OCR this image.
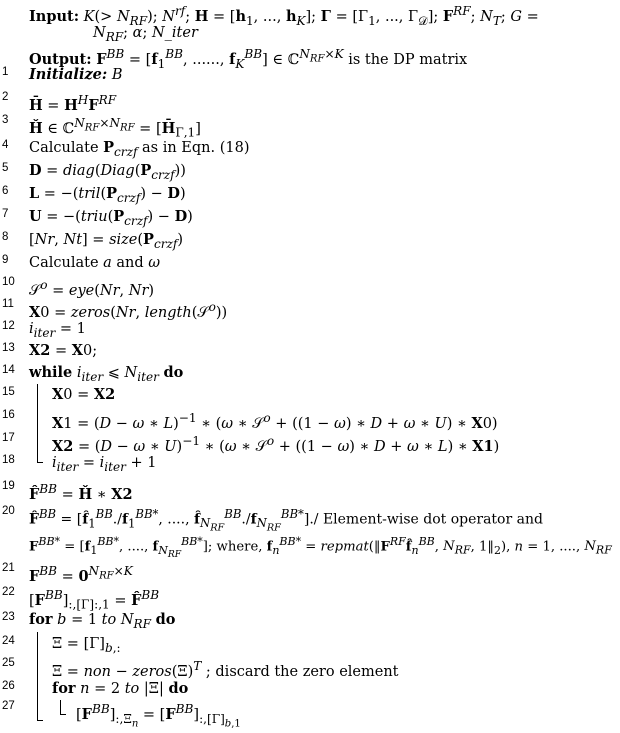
Input: $K(> N_{RF})$; $N^{rf}$; $H = [h_1$, ..., $h_K$]; $\Gamma = [\Gamma_1$, ..., $\Gamma_𝒟$]; $F^{RF}$; $N_T$; G =
$N_{RF}$; α; N_iter
Output: $F^{BB} = [f_1^{BB}$, ......, $f_K^{BB}$] ∈ ℂ$^{N_{RF}\times K}$ is the DP matrix
1	Initialize: B
2	H̄ = $H^HF^{RF}$
3	Ȟ ∈ ℂ$^{N_{RF}\times N_{RF}}$ = $[H̄_{\Gamma,1}]$
4	Calculate $P_{crzf}$ as in Eqn. (18)
5	$D = diag(Diag(P_{crzf}))$
6	$L = -(tril(P_{crzf}) - D)$
7	$U = -(triu(P_{crzf}) - D)$
8	[Nr, $Nt] = size(P_{crzf})$
9	Calculate a and ω
10
𝒮$^o$ = eye(Nr, Nr)
11	X0 = zeros(Nr, length(𝒮$^o$))
12 $i_{iter} = 1$
13 X2 = X0;
14 while $i_{iter}$ ⩽ $N_{iter}$ do
15	X0 = X2
16	X1 = (D − ω ∗ L)$^{-1}$ ∗ (ω ∗ 𝒮$^o$ + ((1 − ω) ∗ D + ω ∗ U) ∗ X0)
17	X2 = (D − ω ∗ U)$^{-1}$ ∗ (ω ∗ 𝒮$^o$ + ((1 − ω) ∗ D + ω ∗ L) ∗ X1)
18	$i_{iter} = i_{iter} + 1$
19 F̂$^{BB}$ = Ȟ ∗ X2
20
F̂$^{BB}$ = [$f̂_1^{BB}./f_1^{BB*}$, ...., $f̂_{N_{RF}}^{BB}./f_{N_{RF}}^{BB*}]./$ Element-wise dot operator and
$F^{BB*} = [f_1^{BB*}$, ...., $f_{N_{RF}}^{BB*}$]; where, $f_n^{BB*}$ = $repmat(‖F^{RF}f̂_n^{BB}$, $N_{RF}$, $1‖_2$), n = 1, ...., $N_{RF}$
21 $F^{BB} = 0^{N_{RF}\times K}$
22
$[F^{BB}]_{:,[\Gamma]:,1}$ = F̂$^{BB}$
23 for b = 1 to $N_{RF}$ do
24	$\Xi = [\Gamma]_{b,:}$
25
Ξ = non − $zeros(\Xi)^T$ ; discard the zero element
26	for n = 2 to |Ξ| do
27
$[F^{BB}]_{:,\Xi_n} = [F^{BB}]_{:,[\Gamma]_{b,1}}$
